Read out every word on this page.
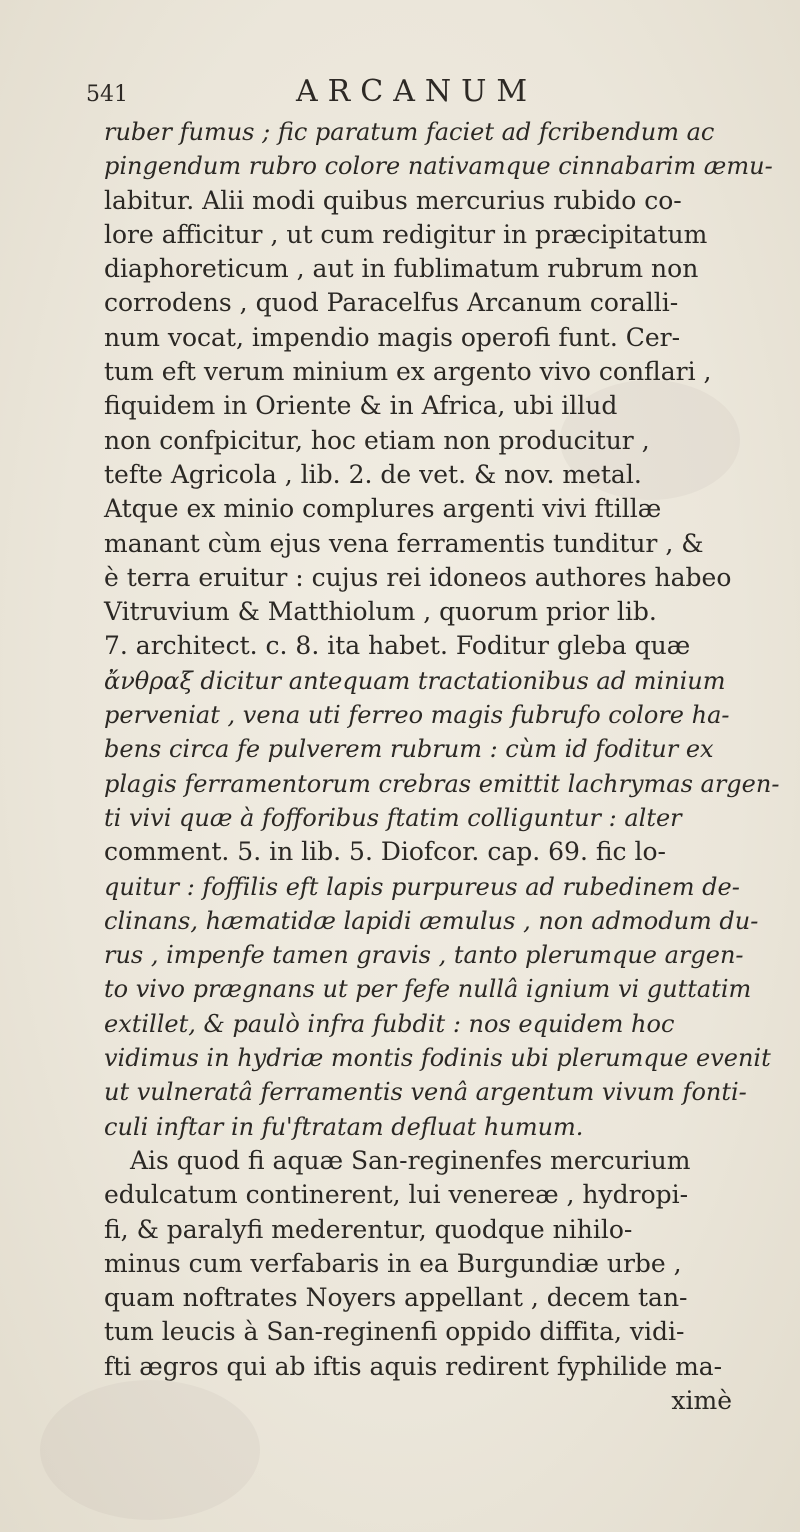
541	ARCANUM
ruber fumus ; fic paratum faciet ad fcribendum ac
pingendum rubro colore nativamque cinnabarim æmu-
labitur. Alii modi quibus mercurius rubido co-
lore afficitur , ut cum redigitur in præcipitatum
diaphoreticum , aut in fublimatum rubrum non
corrodens , quod Paracelfus Arcanum coralli-
num vocat, impendio magis operofi funt. Cer-
tum eft verum minium ex argento vivo conflari ,
fiquidem in Oriente & in Africa, ubi illud
non confpicitur, hoc etiam non producitur ,
tefte Agricola , lib. 2. de vet. & nov. metal.
Atque ex minio complures argenti vivi ftillæ
manant cùm ejus vena ferramentis tunditur , &
è terra eruitur : cujus rei idoneos authores habeo
Vitruvium & Matthiolum , quorum prior lib.
7. architect. c. 8. ita habet. Foditur gleba quæ
ἄνθραξ dicitur antequam tractationibus ad minium
perveniat , vena uti ferreo magis fubrufo colore ha-
bens circa fe pulverem rubrum : cùm id foditur ex
plagis ferramentorum crebras emittit lachrymas argen-
ti vivi quæ à fofforibus ftatim colliguntur : alter
comment. 5. in lib. 5. Diofcor. cap. 69. fic lo-
quitur : foffilis eft lapis purpureus ad rubedinem de-
clinans, hæmatidæ lapidi æmulus , non admodum du-
rus , impenfe tamen gravis , tanto plerumque argen-
to vivo prægnans ut per fefe nullâ ignium vi guttatim
extillet, & paulò infra fubdit : nos equidem hoc
vidimus in hydriæ montis fodinis ubi plerumque evenit
ut vulneratâ ferramentis venâ argentum vivum fonti-
culi inftar in fu'ftratam defluat humum.
Ais quod fi aquæ San-reginenfes mercurium
edulcatum continerent, lui venereæ , hydropi-
fi, & paralyfi mederentur, quodque nihilo-
minus cum verfabaris in ea Burgundiæ urbe ,
quam noftrates Noyers appellant , decem tan-
tum leucis à San-reginenfi oppido diffita, vidi-
fti ægros qui ab iftis aquis redirent fyphilide ma-
ximè
